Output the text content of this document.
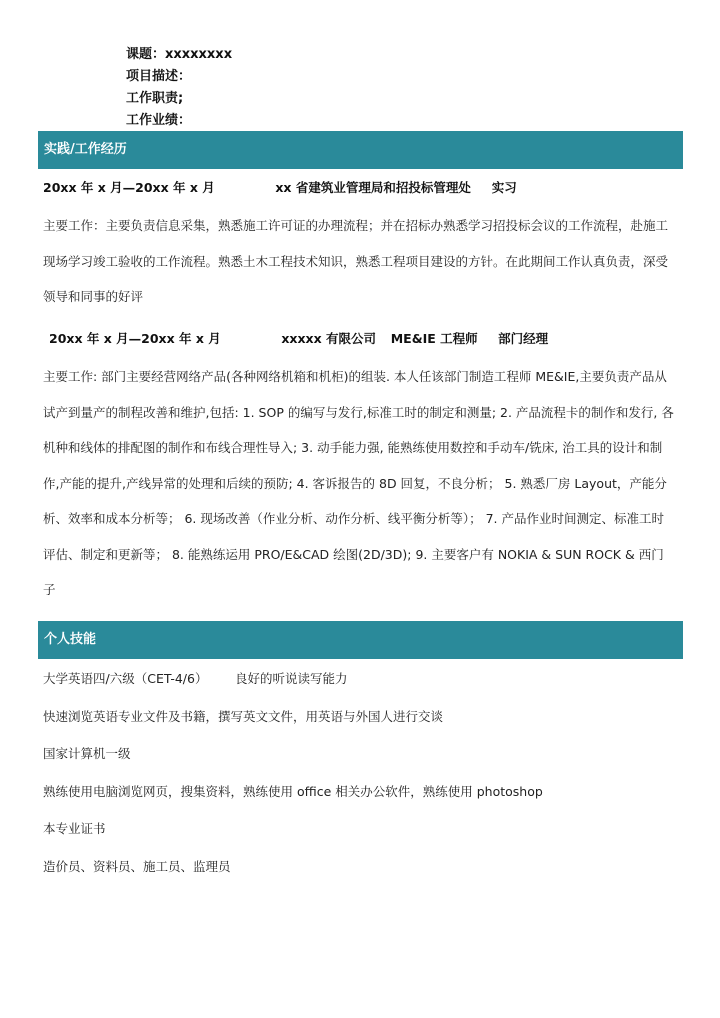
课题：xxxxxxxx
项目描述：
工作职责;
工作业绩：
实践/工作经历
20xx 年 x 月—20xx 年 x 月	xx 省建筑业管理局和招投标管理处 实习

主要工作：主要负责信息采集，熟悉施工许可证的办理流程；并在招标办熟悉学习招投标会议的工作流程，赴施工

现场学习竣工验收的工作流程。熟悉土木工程技术知识，熟悉工程项目建设的方针。在此期间工作认真负责，深受

领导和同事的好评

20xx 年 x 月—20xx 年 x 月	xxxxx 有限公司 ME&IE 工程师 部门经理

主要工作: 部门主要经营网络产品(各种网络机箱和机柜)的组装. 本人任该部门制造工程师 ME&IE,主要负责产品从

试产到量产的制程改善和维护,包括: 1. SOP 的编写与发行,标准工时的制定和测量; 2. 产品流程卡的制作和发行, 各

机种和线体的排配图的制作和布线合理性导入; 3. 动手能力强, 能熟练使用数控和手动车/铣床, 治工具的设计和制

作,产能的提升,产线异常的处理和后续的预防; 4. 客诉报告的 8D 回复，不良分析； 5. 熟悉厂房 Layout，产能分

析、效率和成本分析等； 6. 现场改善（作业分析、动作分析、线平衡分析等）； 7. 产品作业时间测定、标准工时

评估、制定和更新等； 8. 能熟练运用 PRO/E&CAD 绘图(2D/3D); 9. 主要客户有 NOKIA & SUN ROCK & 西门

子

个人技能
大学英语四/六级（CET-4/6） 良好的听说读写能力
快速浏览英语专业文件及书籍，撰写英文文件，用英语与外国人进行交谈
国家计算机一级
熟练使用电脑浏览网页，搜集资料，熟练使用 office 相关办公软件，熟练使用 photoshop
本专业证书
造价员、资料员、施工员、监理员
